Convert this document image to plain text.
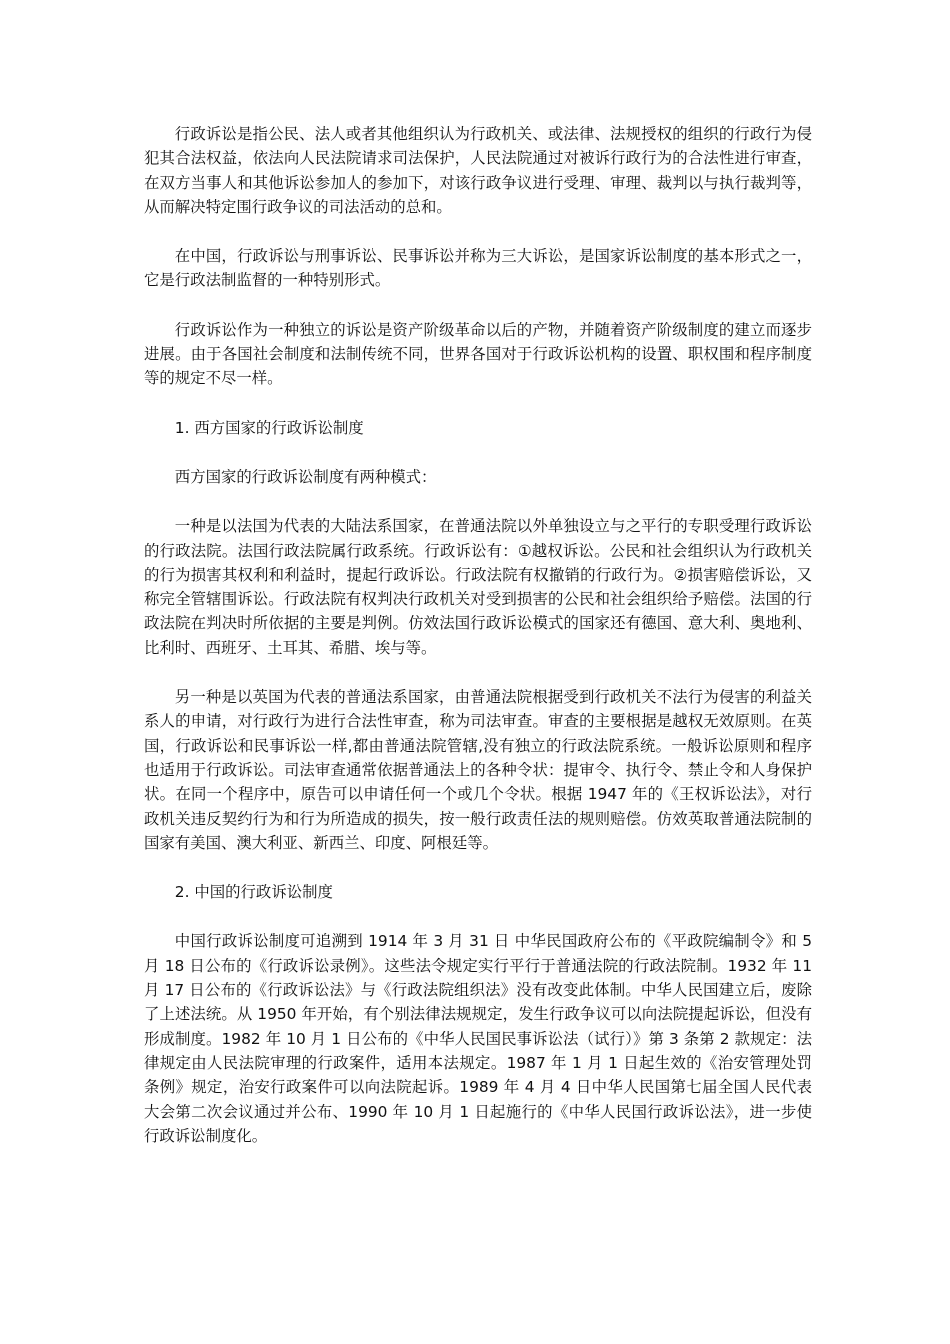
行政诉讼是指公民、法人或者其他组织认为行政机关、或法律、法规授权的组织的行政行为侵犯其合法权益，依法向人民法院请求司法保护，人民法院通过对被诉行政行为的合法性进行审查，在双方当事人和其他诉讼参加人的参加下，对该行政争议进行受理、审理、裁判以与执行裁判等，从而解决特定围行政争议的司法活动的总和。

在中国，行政诉讼与刑事诉讼、民事诉讼并称为三大诉讼，是国家诉讼制度的基本形式之一，它是行政法制监督的一种特别形式。

行政诉讼作为一种独立的诉讼是资产阶级革命以后的产物，并随着资产阶级制度的建立而逐步进展。由于各国社会制度和法制传统不同，世界各国对于行政诉讼机构的设置、职权围和程序制度等的规定不尽一样。

1. 西方国家的行政诉讼制度

西方国家的行政诉讼制度有两种模式：

一种是以法国为代表的大陆法系国家，在普通法院以外单独设立与之平行的专职受理行政诉讼的行政法院。法国行政法院属行政系统。行政诉讼有：①越权诉讼。公民和社会组织认为行政机关的行为损害其权利和利益时，提起行政诉讼。行政法院有权撤销的行政行为。②损害赔偿诉讼，又称完全管辖围诉讼。行政法院有权判决行政机关对受到损害的公民和社会组织给予赔偿。法国的行政法院在判决时所依据的主要是判例。仿效法国行政诉讼模式的国家还有德国、意大利、奥地利、比利时、西班牙、土耳其、希腊、埃与等。

另一种是以英国为代表的普通法系国家，由普通法院根据受到行政机关不法行为侵害的利益关系人的申请，对行政行为进行合法性审查，称为司法审查。审查的主要根据是越权无效原则。在英国，行政诉讼和民事诉讼一样,都由普通法院管辖,没有独立的行政法院系统。一般诉讼原则和程序也适用于行政诉讼。司法审查通常依据普通法上的各种令状：提审令、执行令、禁止令和人身保护状。在同一个程序中，原告可以申请任何一个或几个令状。根据 1947 年的《王权诉讼法》，对行政机关违反契约行为和行为所造成的损失，按一般行政责任法的规则赔偿。仿效英取普通法院制的国家有美国、澳大利亚、新西兰、印度、阿根廷等。

2. 中国的行政诉讼制度

中国行政诉讼制度可追溯到 1914 年 3 月 31 日 中华民国政府公布的《平政院编制令》和 5 月 18 日公布的《行政诉讼录例》。这些法令规定实行平行于普通法院的行政法院制。1932 年 11 月 17 日公布的《行政诉讼法》与《行政法院组织法》没有改变此体制。中华人民国建立后，废除了上述法统。从 1950 年开始，有个别法律法规规定，发生行政争议可以向法院提起诉讼，但没有形成制度。1982 年 10 月 1 日公布的《中华人民国民事诉讼法（试行）》第 3 条第 2 款规定：法律规定由人民法院审理的行政案件，适用本法规定。1987 年 1 月 1 日起生效的《治安管理处罚条例》规定，治安行政案件可以向法院起诉。1989 年 4 月 4 日中华人民国第七届全国人民代表大会第二次会议通过并公布、1990 年 10 月 1 日起施行的《中华人民国行政诉讼法》，进一步使行政诉讼制度化。
